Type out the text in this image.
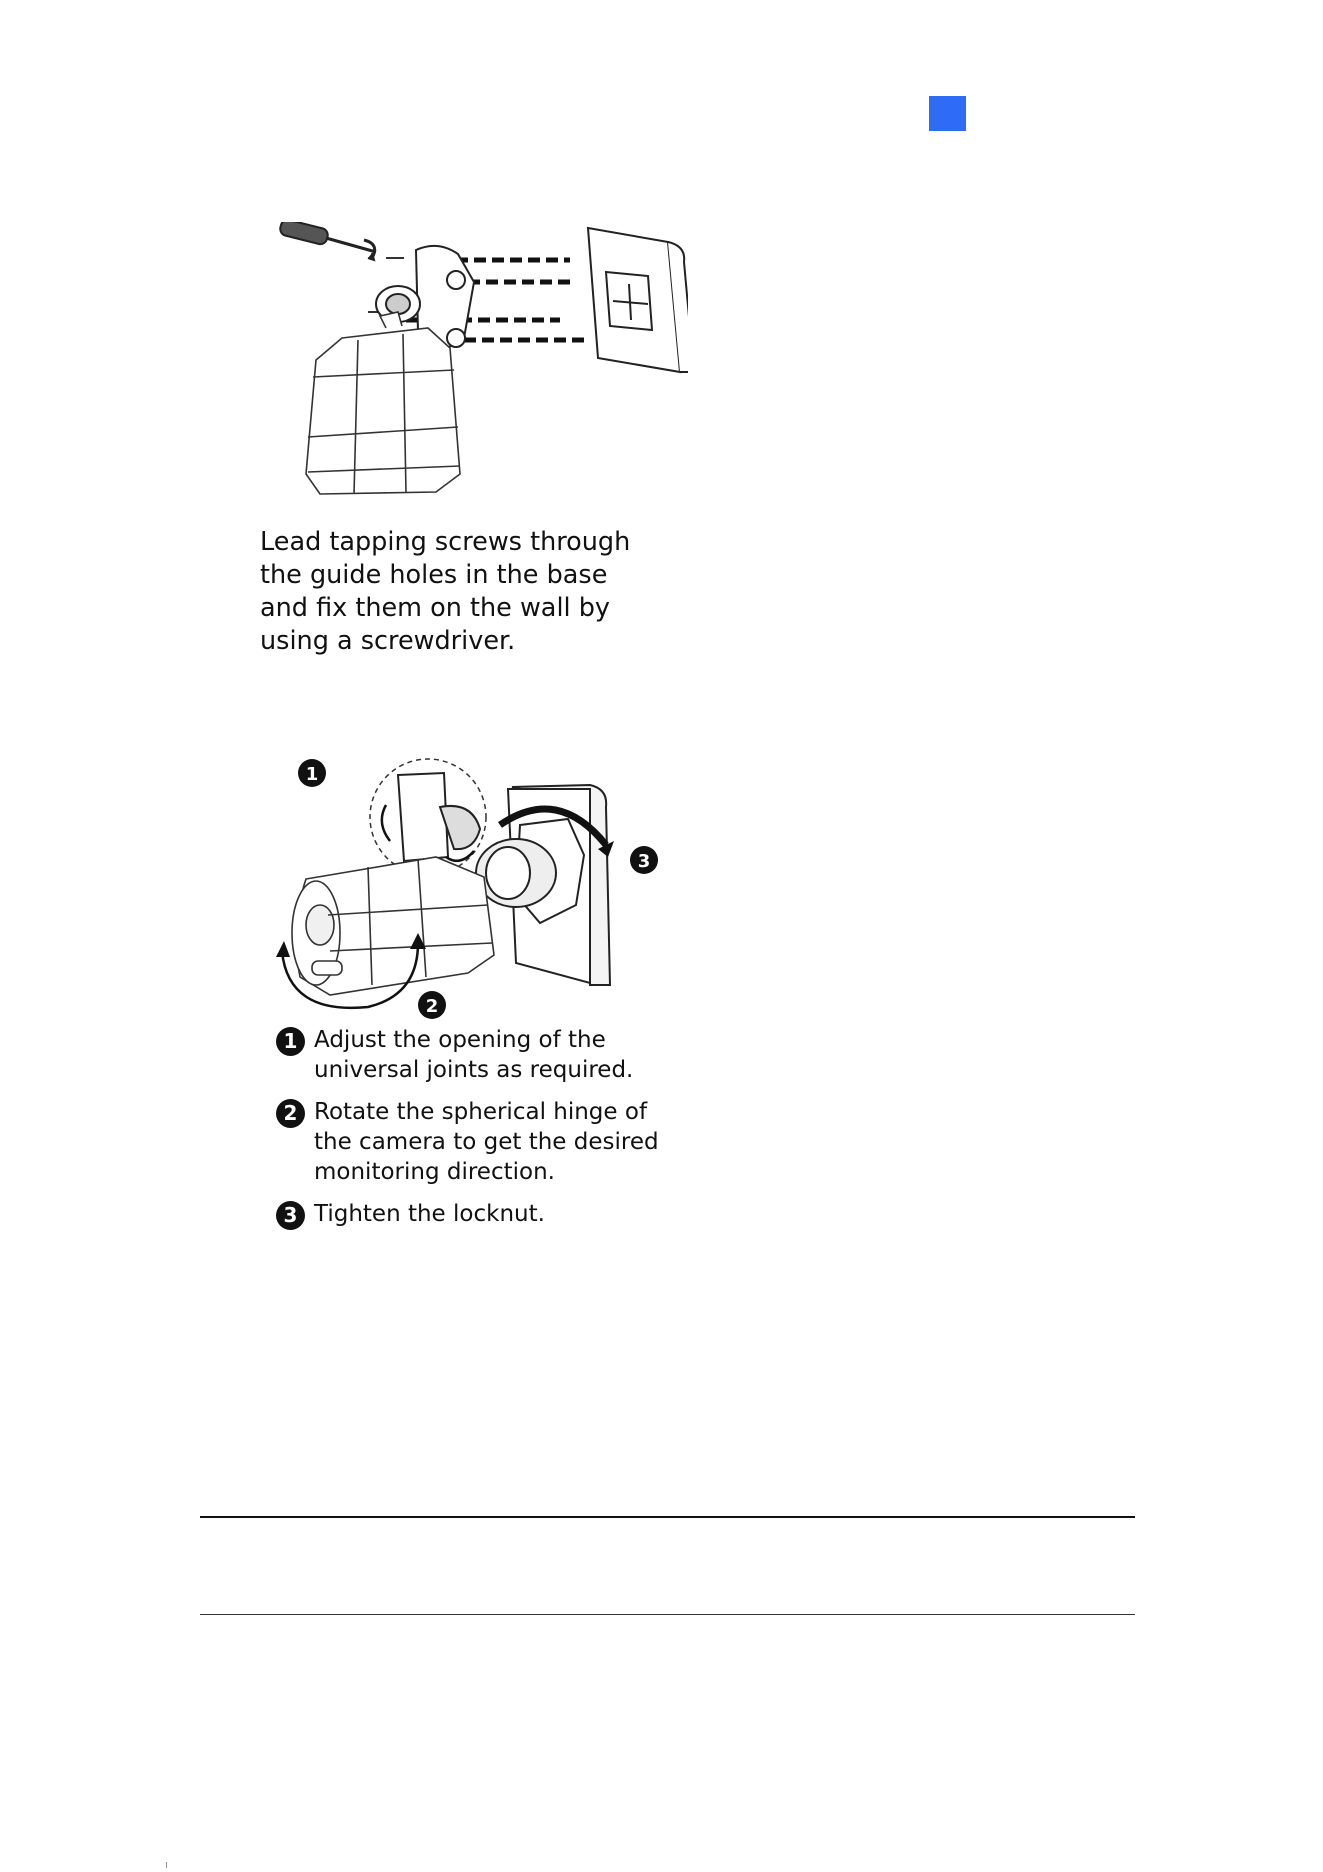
Lead tapping screws through
the guide holes in the base
and fix them on the wall by
using a screwdriver.

1
3
2
1 Adjust the opening of the
universal joints as required.
2 Rotate the spherical hinge of
the camera to get the desired
monitoring direction.
3 Tighten the locknut.
